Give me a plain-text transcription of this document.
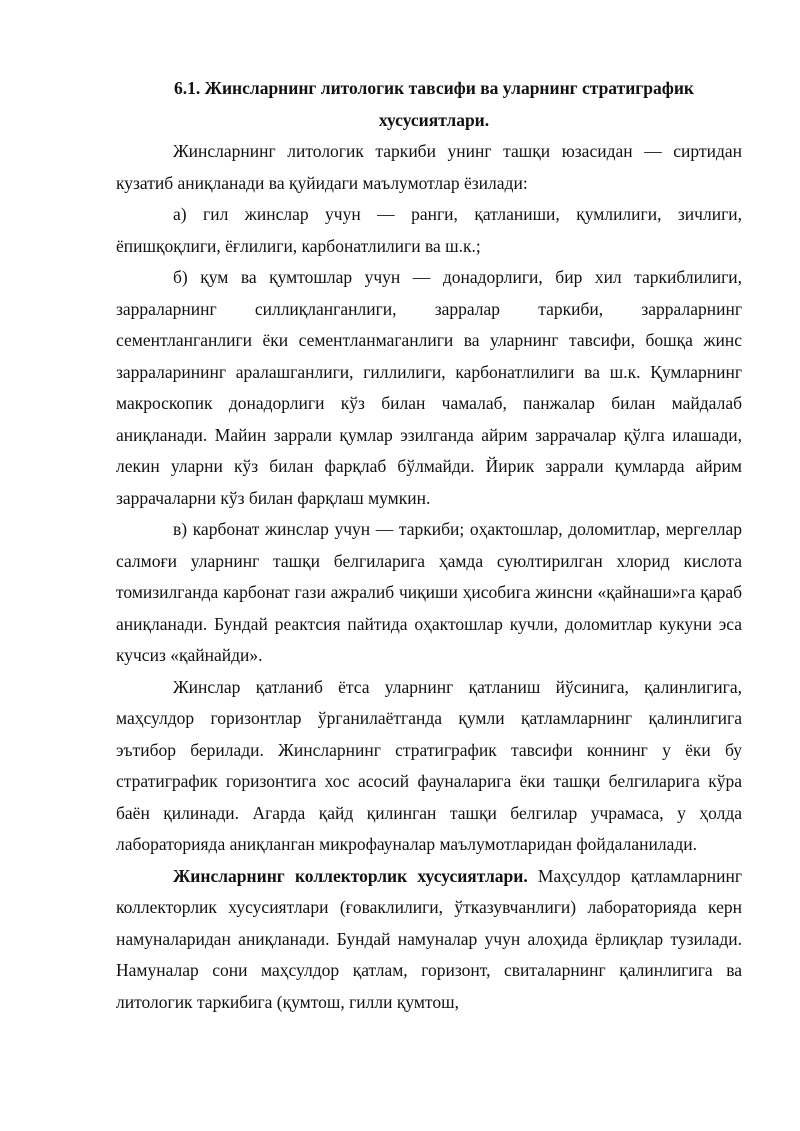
6.1. Жинсларнинг литологик тавсифи ва уларнинг стратиграфик хусусиятлари.

Жинсларнинг литологик таркиби унинг ташқи юзасидан — сиртидан кузатиб аниқланади ва қуйидаги маълумотлар ёзилади:

а) гил жинслар учун — ранги, қатланиши, қумлилиги, зичлиги, ёпишқоқлиги, ёғлилиги, карбонатлилиги ва ш.к.;

б) қум ва қумтошлар учун — донадорлиги, бир хил таркиблилиги, зарраларнинг силлиқланганлиги, зарралар таркиби, зарраларнинг сементланганлиги ёки сементланмаганлиги ва уларнинг тавсифи, бошқа жинс зарраларининг аралашганлиги, гиллилиги, карбонатлилиги ва ш.к. Қумларнинг макроскопик донадорлиги кўз билан чамалаб, панжалар билан майдалаб аниқланади. Майин заррали қумлар эзилганда айрим заррачалар қўлга илашади, лекин уларни кўз билан фарқлаб бўлмайди. Йирик заррали қумларда айрим заррачаларни кўз билан фарқлаш мумкин.

в) карбонат жинслар учун — таркиби; оҳактошлар, доломитлар, мергеллар салмоғи уларнинг ташқи белгиларига ҳамда суюлтирилган хлорид кислота томизилганда карбонат гази ажралиб чиқиши ҳисобига жинсни «қайнаши»га қараб аниқланади. Бундай реактсия пайтида оҳактошлар кучли, доломитлар кукуни эса кучсиз «қайнайди».

Жинслар қатланиб ётса уларнинг қатланиш йўсинига, қалинлигига, маҳсулдор горизонтлар ўрганилаётганда қумли қатламларнинг қалинлигига эътибор берилади. Жинсларнинг стратиграфик тавсифи коннинг у ёки бу стратиграфик горизонтига хос асосий фауналарига ёки ташқи белгиларига кўра баён қилинади. Агарда қайд қилинган ташқи белгилар учрамаса, у ҳолда лабораторияда аниқланган микрофауналар маълумотларидан фойдаланилади.

Жинсларнинг коллекторлик хусусиятлари. Маҳсулдор қатламларнинг коллекторлик хусусиятлари (ғоваклилиги, ўтказувчанлиги) лабораторияда керн намуналаридан аниқланади. Бундай намуналар учун алоҳида ёрлиқлар тузилади. Намуналар сони маҳсулдор қатлам, горизонт, свиталарнинг қалинлигига ва литологик таркибига (қумтош, гилли қумтош,
